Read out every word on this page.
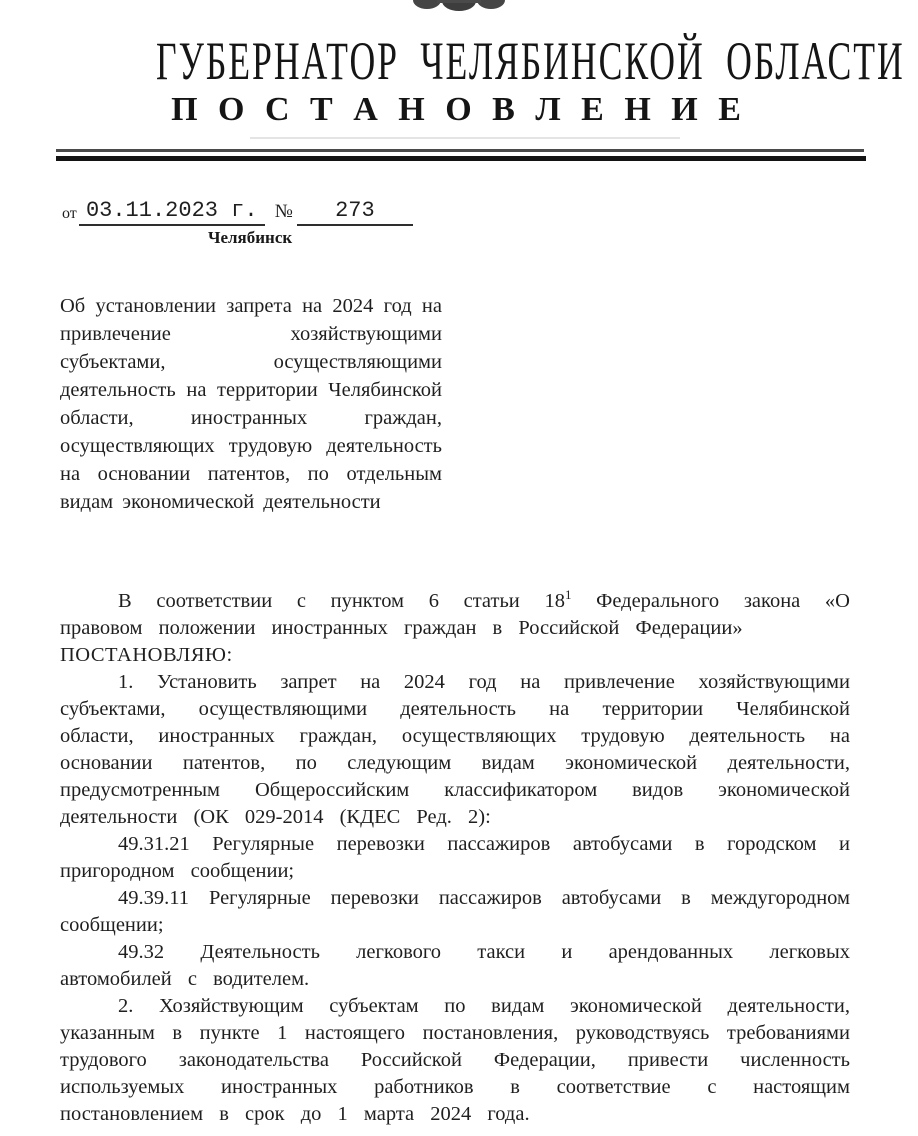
ГУБЕРНАТОР ЧЕЛЯБИНСКОЙ ОБЛАСТИ
П О С Т А Н О В Л Е Н И Е
от 03.11.2023 г. №	273
Челябинск
Об установлении запрета на 2024 год на привлечение хозяйствующими субъектами, осуществляющими деятельность на территории Челябинской области, иностранных граждан, осуществляющих трудовую деятельность на основании патентов, по отдельным видам экономической деятельности

В соответствии с пунктом 6 статьи $18^1$ Федерального закона «О правовом положении иностранных граждан в Российской Федерации»

ПОСТАНОВЛЯЮ:

1. Установить запрет на 2024 год на привлечение хозяйствующими субъектами, осуществляющими деятельность на территории Челябинской области, иностранных граждан, осуществляющих трудовую деятельность на основании патентов, по следующим видам экономической деятельности, предусмотренным Общероссийским классификатором видов экономической деятельности (ОК 029-2014 (КДЕС Ред. 2):

49.31.21 Регулярные перевозки пассажиров автобусами в городском и пригородном сообщении;

49.39.11 Регулярные перевозки пассажиров автобусами в междугородном сообщении;

49.32 Деятельность легкового такси и арендованных легковых автомобилей с водителем.

2. Хозяйствующим субъектам по видам экономической деятельности, указанным в пункте 1 настоящего постановления, руководствуясь требованиями трудового законодательства Российской Федерации, привести численность используемых иностранных работников в соответствие с настоящим постановлением в срок до 1 марта 2024 года.
